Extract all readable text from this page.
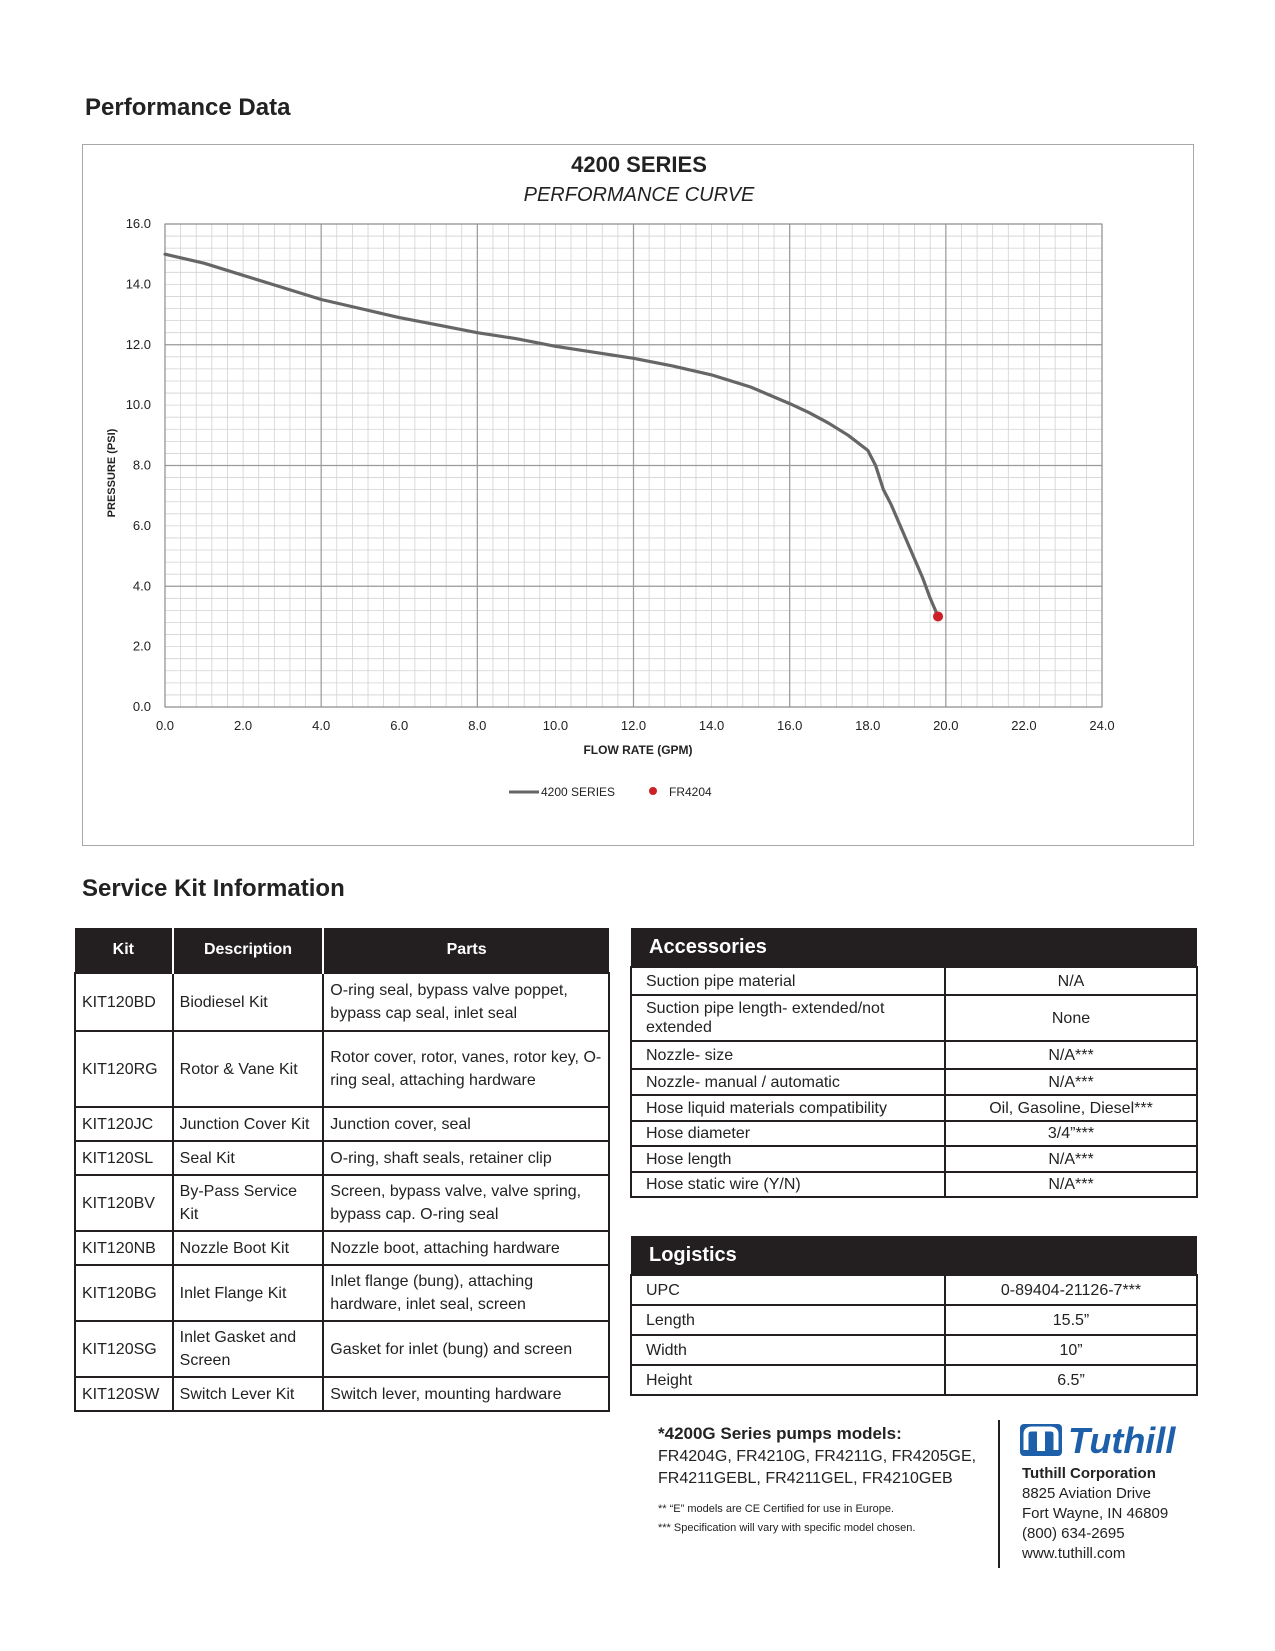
Performance Data
0.0	2.0	4.0	6.0	8.0	10.0	12.0	14.0	16.0	18.0	20.0	22.0	24.0
0.0
2.0
4.0
6.0
8.0
10.0
12.0
14.0
16.0
4200 SERIES
PERFORMANCE CURVE
FLOW RATE (GPM)
PRESSURE (PSI)
4200 SERIES	FR4204
Service Kit Information
Kit	Description	Parts
KIT120BD	Biodiesel Kit	O-ring seal, bypass valve poppet, bypass cap seal, inlet seal
KIT120RG	Rotor & Vane Kit	Rotor cover, rotor, vanes, rotor key, O-ring seal, attaching hardware
KIT120JC	Junction Cover Kit	Junction cover, seal
KIT120SL	Seal Kit	O-ring, shaft seals, retainer clip
KIT120BV	By-Pass Service Kit	Screen, bypass valve, valve spring, bypass cap. O-ring seal
KIT120NB	Nozzle Boot Kit	Nozzle boot, attaching hardware
KIT120BG	Inlet Flange Kit	Inlet flange (bung), attaching hardware, inlet seal, screen
KIT120SG	Inlet Gasket and Screen	Gasket for inlet (bung) and screen
KIT120SW	Switch Lever Kit	Switch lever, mounting hardware
Accessories	
Suction pipe material	N/A
Suction pipe length- extended/not extended	None
Nozzle- size	N/A***
Nozzle- manual / automatic	N/A***
Hose liquid materials compatibility	Oil, Gasoline, Diesel***
Hose diameter	3/4”***
Hose length	N/A***
Hose static wire (Y/N)	N/A***
Logistics	
UPC	0-89404-21126-7***
Length	15.5”
Width	10”
Height	6.5”
*4200G Series pumps models:
FR4204G, FR4210G, FR4211G, FR4205GE,
FR4211GEBL, FR4211GEL, FR4210GEB
** “E” models are CE Certified for use in Europe.
*** Specification will vary with specific model chosen.
Tuthill
Tuthill Corporation
8825 Aviation Drive
Fort Wayne, IN 46809
(800) 634-2695
www.tuthill.com
